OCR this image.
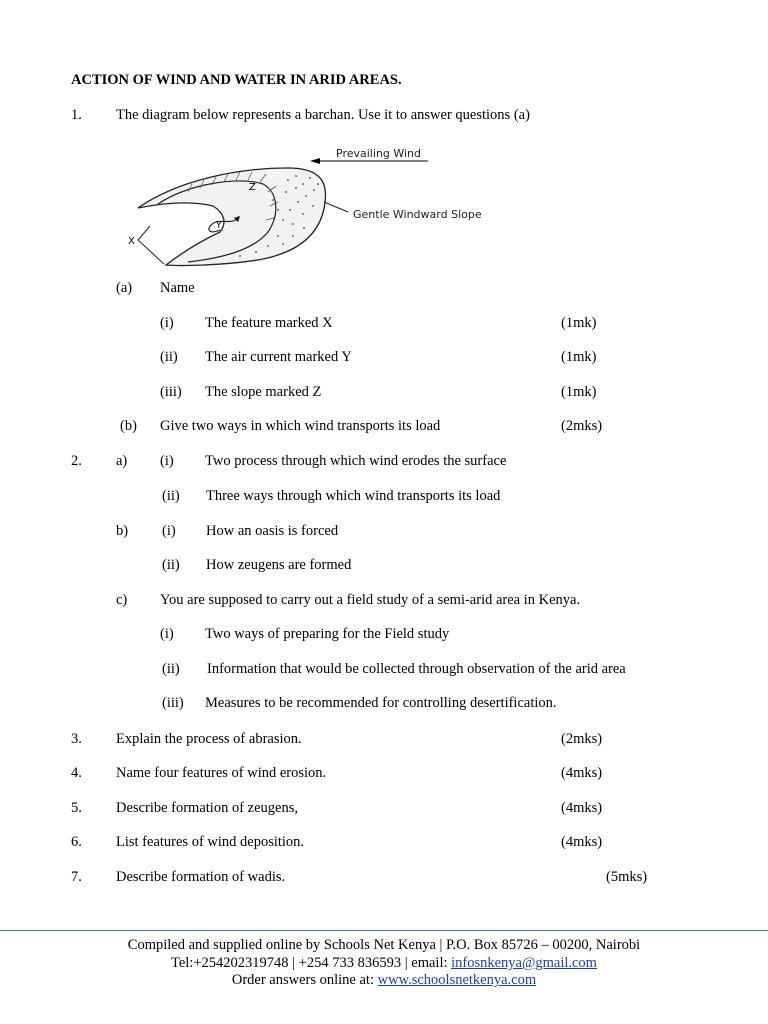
ACTION OF WIND AND WATER IN ARID AREAS.
1. The diagram below represents a barchan. Use it to answer questions (a)
Prevailing Wind
X
Y
Z
Gentle Windward Slope
(a) Name
(i) The feature marked X	(1mk)
(ii) The air current marked Y	(1mk)
(iii) The slope marked Z	(1mk)
(b) Give two ways in which wind transports its load	(2mks)
2. a) (i) Two process through which wind erodes the surface
(ii) Three ways through which wind transports its load
b) (i) How an oasis is forced
(ii) How zeugens are formed
c) You are supposed to carry out a field study of a semi-arid area in Kenya.
(i) Two ways of preparing for the Field study
(ii) Information that would be collected through observation of the arid area
(iii) Measures to be recommended for controlling desertification.
3. Explain the process of abrasion.	(2mks)
4. Name four features of wind erosion.	(4mks)
5. Describe formation of zeugens,	(4mks)
6. List features of wind deposition.	(4mks)
7. Describe formation of wadis.	(5mks)
Compiled and supplied online by Schools Net Kenya | P.O. Box 85726 – 00200, Nairobi
Tel:+254202319748 | +254 733 836593 | email: infosnkenya@gmail.com
Order answers online at: www.schoolsnetkenya.com
